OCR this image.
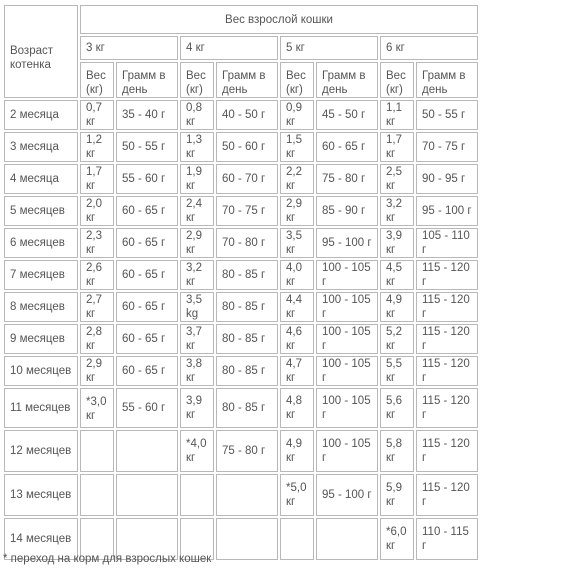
Возраст котенка	Вес взрослой кошки							
	3 кг		4 кг		5 кг		6 кг	
	Вес (кг)	Грамм в день	Вес (кг)	Грамм в день	Вес (кг)	Грамм в день	Вес (кг)	Грамм в день
2 месяца	0,7 кг	35 - 40 г	0,8 кг	40 - 50 г	0,9 кг	45 - 50 г	1,1 кг	50 - 55 г
3 месяца	1,2 кг	50 - 55 г	1,3 кг	50 - 60 г	1,5 кг	60 - 65 г	1,7 кг	70 - 75 г
4 месяца	1,7 кг	55 - 60 г	1,9 кг	60 - 70 г	2,2 кг	75 - 80 г	2,5 кг	90 - 95 г
5 месяцев	2,0 кг	60 - 65 г	2,4 кг	70 - 75 г	2,9 кг	85 - 90 г	3,2 кг	95 - 100 г
6 месяцев	2,3 кг	60 - 65 г	2,9 кг	70 - 80 г	3,5 кг	95 - 100 г	3,9 кг	105 - 110 г
7 месяцев	2,6 кг	60 - 65 г	3,2 кг	80 - 85 г	4,0 кг	100 - 105 г	4,5 кг	115 - 120 г
8 месяцев	2,7 кг	60 - 65 г	3,5 kg	80 - 85 г	4,4 кг	100 - 105 г	4,9 кг	115 - 120 г
9 месяцев	2,8 кг	60 - 65 г	3,7 кг	80 - 85 г	4,6 кг	100 - 105 г	5,2 кг	115 - 120 г
10 месяцев	2,9 кг	60 - 65 г	3,8 кг	80 - 85 г	4,7 кг	100 - 105 г	5,5 кг	115 - 120 г
11 месяцев	*3,0 кг	55 - 60 г	3,9 кг	80 - 85 г	4,8 кг	100 - 105 г	5,6 кг	115 - 120 г
12 месяцев			*4,0 кг	75 - 80 г	4,9 кг	100 - 105 г	5,8 кг	115 - 120 г
13 месяцев					*5,0 кг	95 - 100 г	5,9 кг	115 - 120 г
14 месяцев							*6,0 кг	110 - 115 г
* переход на корм для взрослых кошек
